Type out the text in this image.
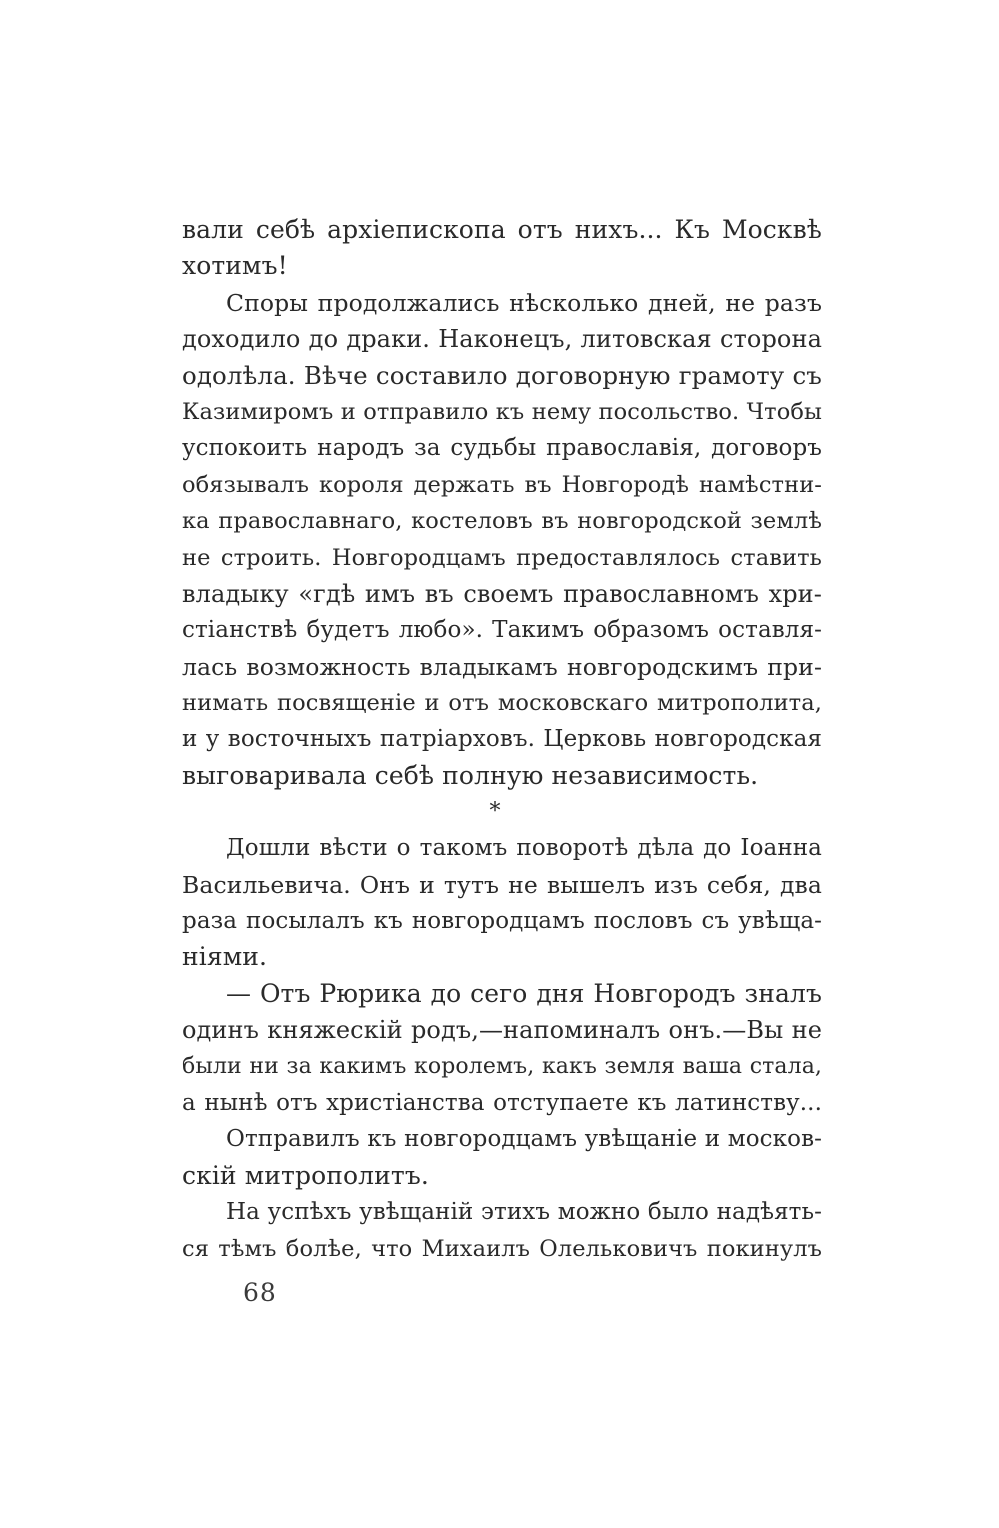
вали себѣ архіепископа отъ нихъ... Къ Москвѣ
хотимъ!
Споры продолжались нѣсколько дней, не разъ
доходило до драки. Наконецъ, литовская сторона
одолѣла. Вѣче составило договорную грамоту съ
Казимиромъ и отправило къ нему посольство. Чтобы
успокоить народъ за судьбы православія, договоръ
обязывалъ короля держать въ Новгородѣ намѣстни-
ка православнаго, костеловъ въ новгородской землѣ
не строить. Новгородцамъ предоставлялось ставить
владыку «гдѣ имъ въ своемъ православномъ хри-
стіанствѣ будетъ любо». Такимъ образомъ оставля-
лась возможность владыкамъ новгородскимъ при-
нимать посвященіе и отъ московскаго митрополита,
и у восточныхъ патріарховъ. Церковь новгородская
выговаривала себѣ полную независимость.
*
Дошли вѣсти о такомъ поворотѣ дѣла до Іоанна
Васильевича. Онъ и тутъ не вышелъ изъ себя, два
раза посылалъ къ новгородцамъ пословъ съ увѣща-
ніями.
— Отъ Рюрика до сего дня Новгородъ зналъ
одинъ княжескій родъ,—напоминалъ онъ.—Вы не
были ни за какимъ королемъ, какъ земля ваша стала,
а нынѣ отъ христіанства отступаете къ латинству...
Отправилъ къ новгородцамъ увѣщаніе и москов-
скій митрополитъ.
На успѣхъ увѣщаній этихъ можно было надѣять-
ся тѣмъ болѣе, что Михаилъ Олельковичъ покинулъ
68
